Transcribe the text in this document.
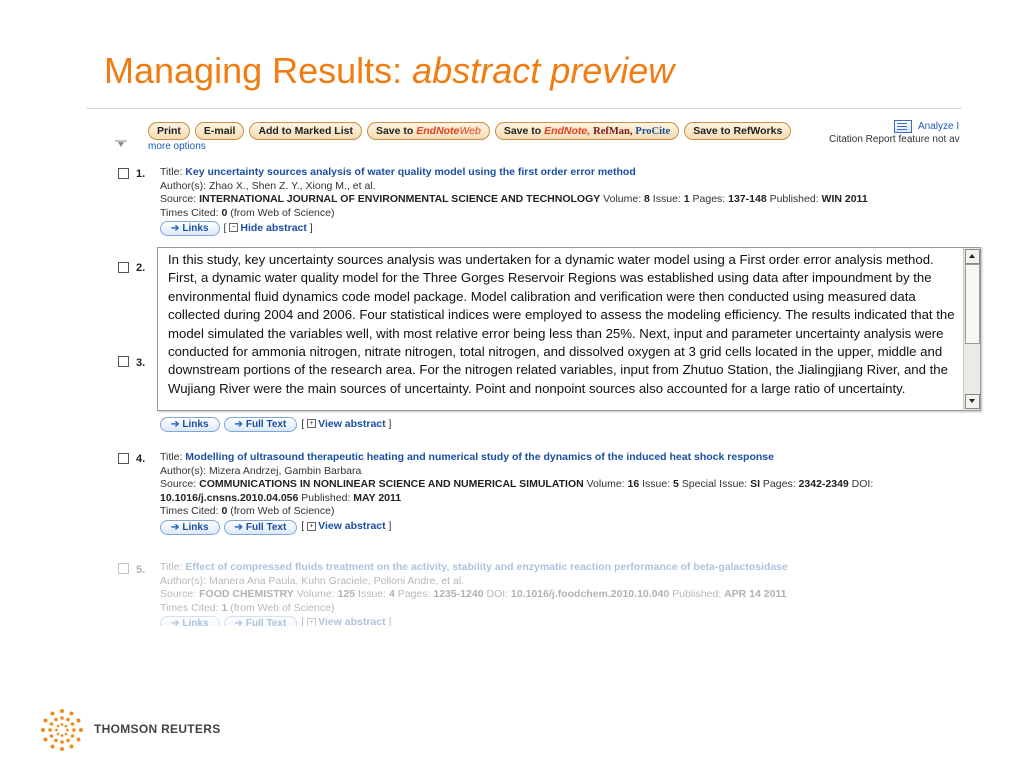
Managing Results: abstract preview
Print	E-mail	Add to Marked List	Save to EndNoteWeb	Save to EndNote, RefMan, ProCite	Save to RefWorks
more options
Analyze I
Citation Report feature not av
1. Title: Key uncertainty sources analysis of water quality model using the first order error method
Author(s): Zhao X., Shen Z. Y., Xiong M., et al.
Source: INTERNATIONAL JOURNAL OF ENVIRONMENTAL SCIENCE AND TECHNOLOGY Volume: 8 Issue: 1 Pages: 137-148 Published: WIN 2011
Times Cited: 0 (from Web of Science)
➔ Links	[ − Hide abstract ]
2.
3.
➔ Links	➔ Full Text	[ + View abstract ]
In this study, key uncertainty sources analysis was undertaken for a dynamic water model using a First order error analysis method. First, a dynamic water quality model for the Three Gorges Reservoir Regions was established using data after impoundment by the environmental fluid dynamics code model package. Model calibration and verification were then conducted using measured data collected during 2004 and 2006. Four statistical indices were employed to assess the modeling efficiency. The results indicated that the model simulated the variables well, with most relative error being less than 25%. Next, input and parameter uncertainty analysis were conducted for ammonia nitrogen, nitrate nitrogen, total nitrogen, and dissolved oxygen at 3 grid cells located in the upper, middle and downstream portions of the research area. For the nitrogen related variables, input from Zhutuo Station, the Jialingjiang River, and the Wujiang River were the main sources of uncertainty. Point and nonpoint sources also accounted for a large ratio of uncertainty.
4. Title: Modelling of ultrasound therapeutic heating and numerical study of the dynamics of the induced heat shock response
Author(s): Mizera Andrzej, Gambin Barbara
Source: COMMUNICATIONS IN NONLINEAR SCIENCE AND NUMERICAL SIMULATION Volume: 16 Issue: 5 Special Issue: SI Pages: 2342-2349 DOI:
10.1016/j.cnsns.2010.04.056 Published: MAY 2011
Times Cited: 0 (from Web of Science)
➔ Links	➔ Full Text	[ + View abstract ]
5. Title: Effect of compressed fluids treatment on the activity, stability and enzymatic reaction performance of beta-galactosidase
Author(s): Manera Ana Paula, Kuhn Graciele, Polloni Andre, et al.
Source: FOOD CHEMISTRY Volume: 125 Issue: 4 Pages: 1235-1240 DOI: 10.1016/j.foodchem.2010.10.040 Published: APR 14 2011
Times Cited: 1 (from Web of Science)
➔ Links	➔ Full Text	[ + View abstract ]
THOMSON REUTERS
